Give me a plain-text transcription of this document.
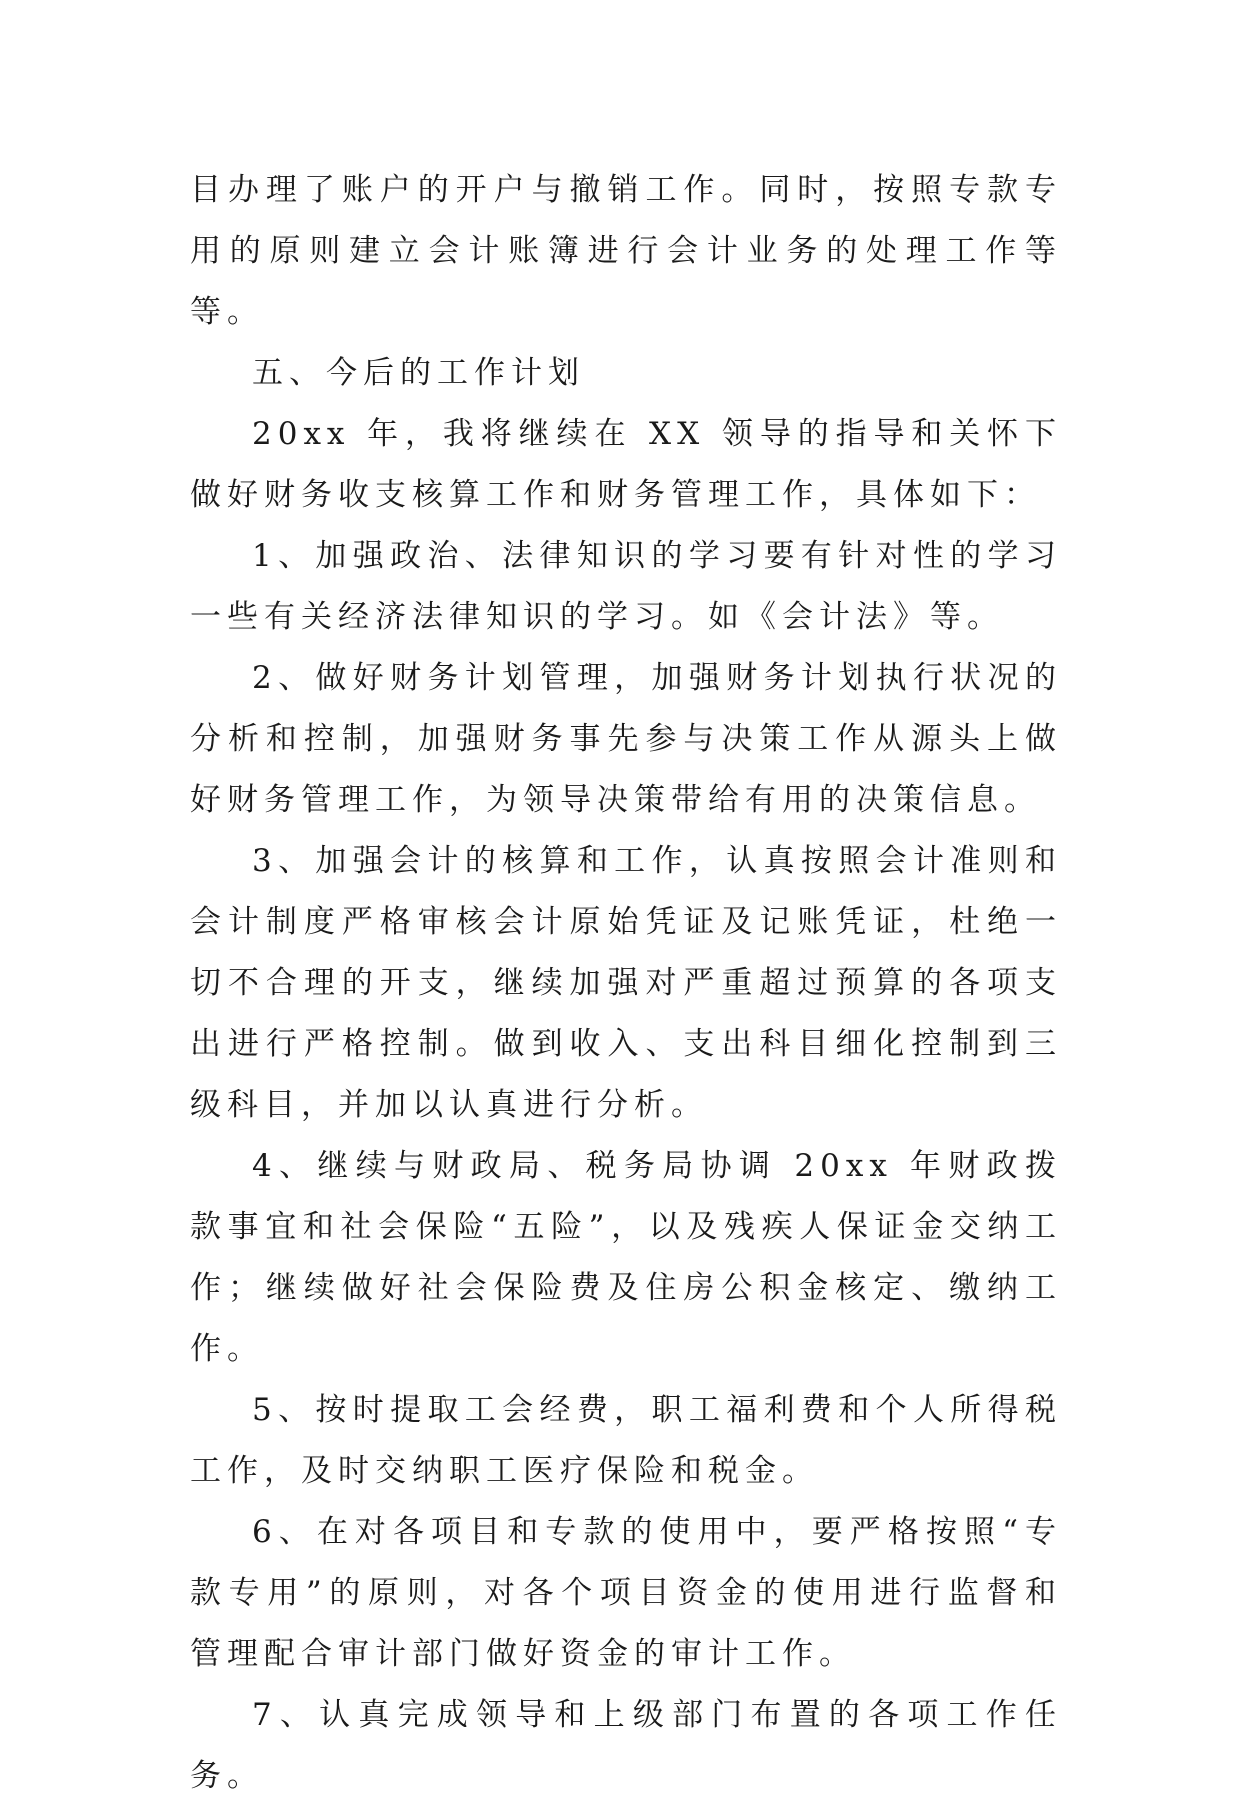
目办理了账户的开户与撤销工作。同时，按照专款专用的原则建立会计账簿进行会计业务的处理工作等等。

五、今后的工作计划

20xx 年，我将继续在 XX 领导的指导和关怀下做好财务收支核算工作和财务管理工作，具体如下：

1、加强政治、法律知识的学习要有针对性的学习一些有关经济法律知识的学习。如《会计法》等。

2、做好财务计划管理，加强财务计划执行状况的分析和控制，加强财务事先参与决策工作从源头上做好财务管理工作，为领导决策带给有用的决策信息。

3、加强会计的核算和工作，认真按照会计准则和会计制度严格审核会计原始凭证及记账凭证，杜绝一切不合理的开支，继续加强对严重超过预算的各项支出进行严格控制。做到收入、支出科目细化控制到三级科目，并加以认真进行分析。

4、继续与财政局、税务局协调 20xx 年财政拨款事宜和社会保险“五险”，以及残疾人保证金交纳工作；继续做好社会保险费及住房公积金核定、缴纳工作。

5、按时提取工会经费，职工福利费和个人所得税工作，及时交纳职工医疗保险和税金。

6、在对各项目和专款的使用中，要严格按照“专款专用”的原则，对各个项目资金的使用进行监督和管理配合审计部门做好资金的审计工作。

7、认真完成领导和上级部门布置的各项工作任务。
